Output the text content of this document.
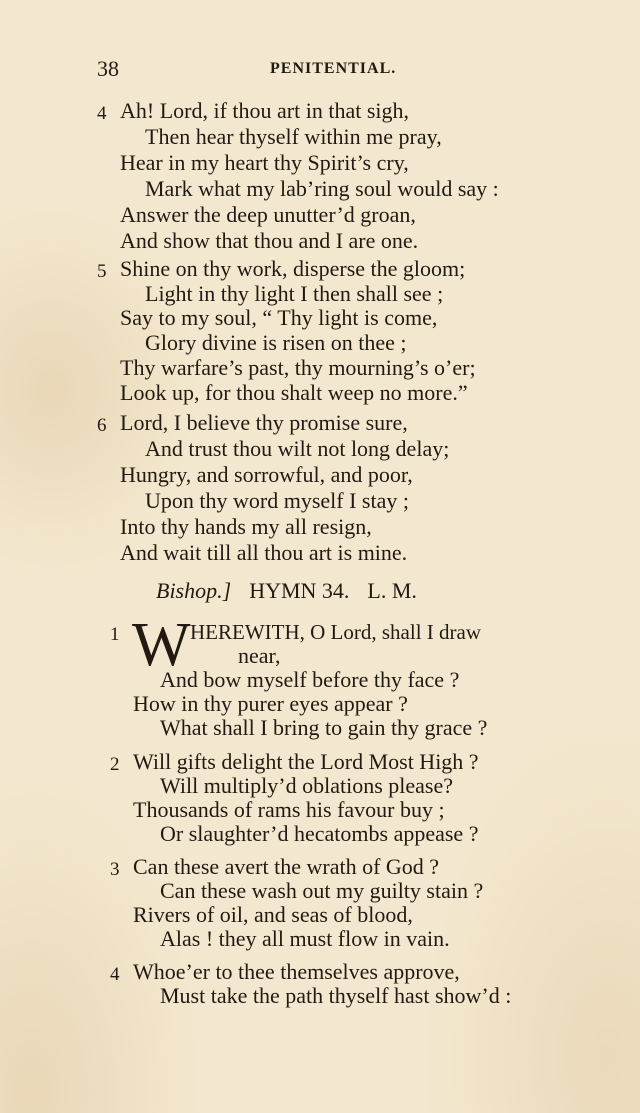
38	PENITENTIAL.
4 Ah! Lord, if thou art in that sigh,
Then hear thyself within me pray,
Hear in my heart thy Spirit’s cry,
Mark what my lab’ring soul would say :
Answer the deep unutter’d groan,
And show that thou and I are one.
5 Shine on thy work, disperse the gloom;
Light in thy light I then shall see ;
Say to my soul, “ Thy light is come,
Glory divine is risen on thee ;
Thy warfare’s past, thy mourning’s o’er;
Look up, for thou shalt weep no more.”
6 Lord, I believe thy promise sure,
And trust thou wilt not long delay;
Hungry, and sorrowful, and poor,
Upon thy word myself I stay ;
Into thy hands my all resign,
And wait till all thou art is mine.
Bishop.] HYMN 34. L. M.
1 W HEREWITH, O Lord, shall I draw
near,
And bow myself before thy face ?
How in thy purer eyes appear ?
What shall I bring to gain thy grace ?
2 Will gifts delight the Lord Most High ?
Will multiply’d oblations please?
Thousands of rams his favour buy ;
Or slaughter’d hecatombs appease ?
3 Can these avert the wrath of God ?
Can these wash out my guilty stain ?
Rivers of oil, and seas of blood,
Alas ! they all must flow in vain.
4 Whoe’er to thee themselves approve,
Must take the path thyself hast show’d :
